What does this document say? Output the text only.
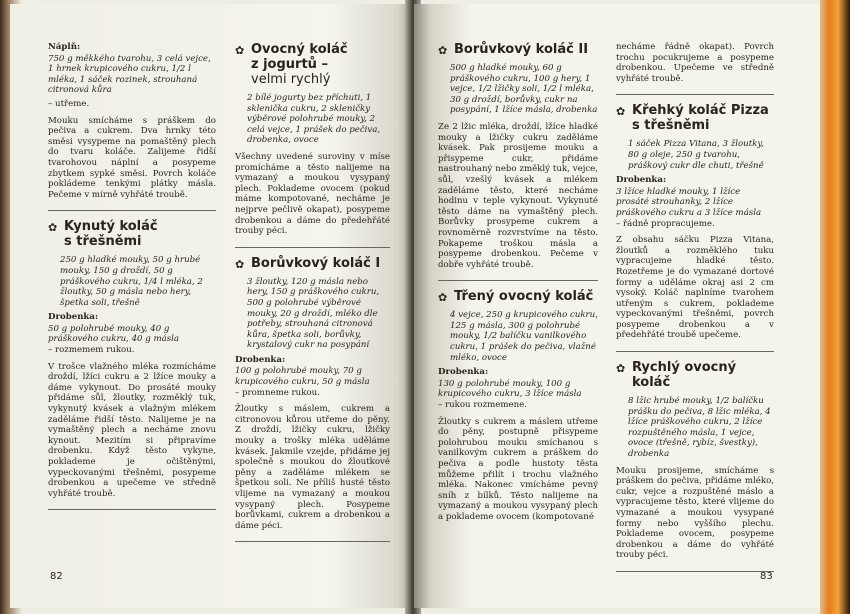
Náplň:

750 g měkkého tvarohu, 3 celá vejce, 1 hrnek krupicového cukru, 1/2 l mléka, 1 sáček rozinek, strouhaná citronová kůra

– utřeme.

Mouku smícháme s práškem do pečiva a cukrem. Dva hrnky této směsi vysypeme na pomaštěný plech do tvaru koláče. Zalijeme řidší tvarohovou náplní a posypeme zbytkem sypké směsi. Povrch koláče pokládeme tenkými plátky másla. Pečeme v mírně vyhřáté troubě.

✿ Kynutý koláč
s třešněmi

250 g hladké mouky, 50 g hrubé mouky, 150 g droždí, 50 g práškového cukru, 1/4 l mléka, 2 žloutky, 50 g másla nebo hery, špetka soli, třešně

Drobenka:

50 g polohrubé mouky, 40 g práškového cukru, 40 g másla

– rozmemem rukou.

V trošce vlažného mléka rozmícháme droždí, lžíci cukru a 2 lžíce mouky a dáme vykynout. Do prosáté mouky přidáme sůl, žloutky, rozměklý tuk, vykynutý kvásek a vlažným mlékem zaděláme řidší těsto. Nalijeme je na vymaštěný plech a necháme znovu kynout. Mezitím si připravíme drobenku. Když těsto vykyne, poklademe je očištěnými, vypeckovanými třešněmi, posypeme drobenkou a upečeme ve středně vyhřáté troubě.

✿ Ovocný koláč
z jogurtů –
velmi rychlý

2 bílé jogurty bez příchuti, 1 sklenička cukru, 2 skleničky výběrové polohrubé mouky, 2 celá vejce, 1 prášek do pečiva, drobenka, ovoce

Všechny uvedené suroviny v míse promícháme a těsto nalijeme na vymazaný a moukou vysypaný plech. Poklademe ovocem (pokud máme kompotované, necháme je nejprve pečlivě okapat), posypeme drobenkou a dáme do předehřáté trouby péci.

✿ Borůvkový koláč I

3 žloutky, 120 g másla nebo hery, 150 g práškového cukru, 500 g polohrubé výběrové mouky, 20 g droždí, mléko dle potřeby, strouhaná citronová kůra, špetka soli, borůvky, krystalový cukr na posypání

Drobenka:

100 g polohrubé mouky, 70 g krupicového cukru, 50 g másla

– promneme rukou.

Žloutky s máslem, cukrem a citronovou kůrou utřeme do pěny. Z droždí, lžičky cukru, lžičky mouky a trošky mléka uděláme kvásek. Jakmile vzejde, přidáme jej společně s moukou do žloutkové pěny a zaděláme mlékem se špetkou soli. Ne příliš husté těsto vlijeme na vymazaný a moukou vysypaný plech. Posypeme borůvkami, cukrem a drobenkou a dáme péci.

82
✿ Borůvkový koláč II

500 g hladké mouky, 60 g práškového cukru, 100 g hery, 1 vejce, 1/2 lžičky soli, 1/2 l mléka, 30 g droždí, borůvky, cukr na posypání, 1 lžíce másla, drobenka

Ze 2 lžic mléka, droždí, lžíce hladké mouky a lžičky cukru zaděláme kvásek. Pak prosijeme mouku a přisypeme cukr, přidáme nastrouhaný nebo změklý tuk, vejce, sůl, vzešlý kvásek a mlékem zaděláme těsto, které necháme hodinu v teple vykynout. Vykynuté těsto dáme na vymaštěný plech. Borůvky prosypeme cukrem a rovnoměrně rozvrstvíme na těsto. Pokapeme troškou másla a posypeme drobenkou. Pečeme v dobře vyhřáté troubě.

✿ Třený ovocný koláč

4 vejce, 250 g krupicového cukru, 125 g másla, 300 g polohrubé mouky, 1/2 balíčku vanilkového cukru, 1 prášek do pečiva, vlažné mléko, ovoce

Drobenka:

130 g polohrubé mouky, 100 g krupicového cukru, 3 lžíce másla

– rukou rozmemene.

Žloutky s cukrem a máslem utřeme do pěny, postupně přisypeme polohrubou mouku smíchanou s vanilkovým cukrem a práškem do pečiva a podle hustoty těsta můžeme přilít i trochu vlažného mléka. Nakonec vmícháme pevný sníh z bílků. Těsto nalijeme na vymazaný a moukou vysypaný plech a poklademe ovocem (kompotované

necháme řádně okapat). Povrch trochu pocukrujeme a posypeme drobenkou. Upečeme ve středně vyhřáté troubě.

✿ Křehký koláč Pizza
s třešněmi

1 sáček Pizza Vitana, 3 žloutky, 80 g oleje, 250 g tvarohu, práškový cukr dle chuti, třešně

Drobenka:

3 lžíce hladké mouky, 1 lžíce prosáté strouhanky, 2 lžíce práškového cukru a 3 lžíce másla

– řádně propracujeme.

Z obsahu sáčku Pizza Vitana, žloutků a rozměklého tuku vypracujeme hladké těsto. Rozetřeme je do vymazané dortové formy a uděláme okraj asi 2 cm vysoký. Koláč naplníme tvarohem utřeným s cukrem, poklademe vypeckovanými třešněmi, povrch posypeme drobenkou a v předehřáté troubě upečeme.

✿ Rychlý ovocný koláč

8 lžic hrubé mouky, 1/2 balíčku prášku do pečiva, 8 lžic mléka, 4 lžíce práškového cukru, 2 lžíce rozpuštěného másla, 1 vejce, ovoce (třešně, rybíz, švestky), drobenka

Mouku prosijeme, smícháme s práškem do pečiva, přidáme mléko, cukr, vejce a rozpuštěné máslo a vypracujeme těsto, které vlijeme do vymazané a moukou vysypané formy nebo vyššího plechu. Poklademe ovocem, posypeme drobenkou a dáme do vyhřáté trouby péci.

83
